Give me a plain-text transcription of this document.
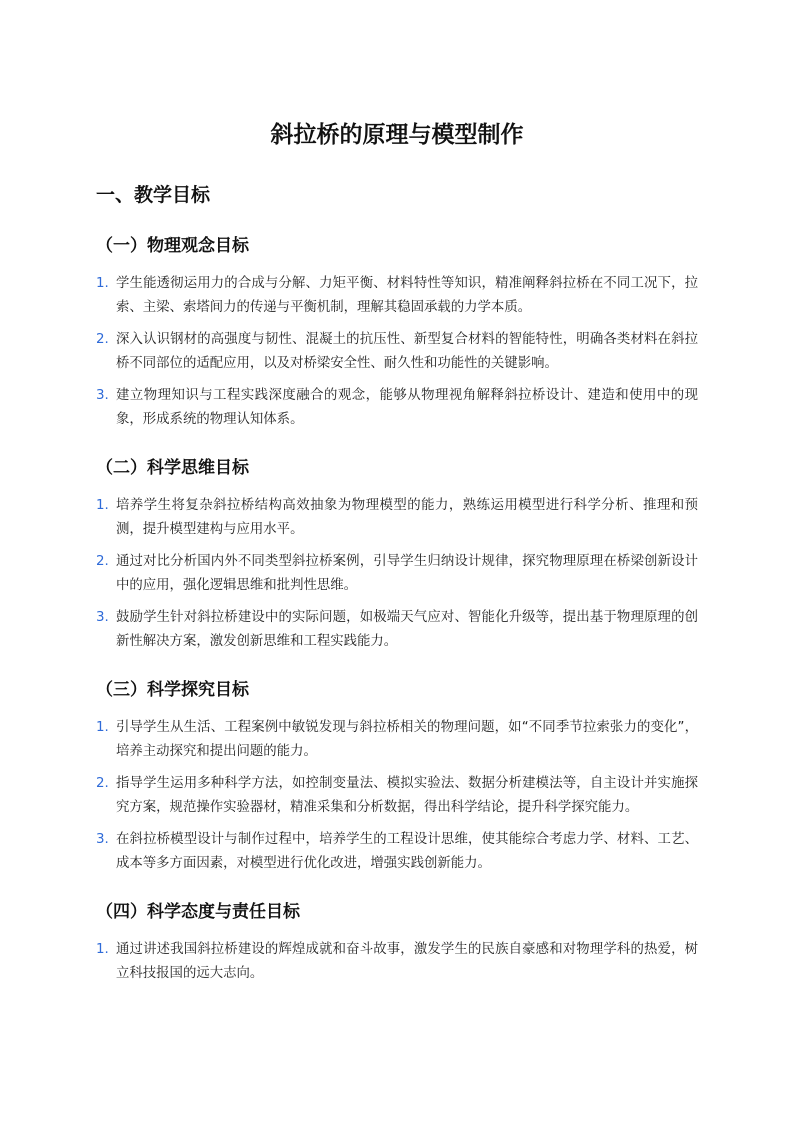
斜拉桥的原理与模型制作
一、教学目标
（一）物理观念目标
1. 学生能透彻运用力的合成与分解、力矩平衡、材料特性等知识，精准阐释斜拉桥在不同工况下，拉索、主梁、索塔间力的传递与平衡机制，理解其稳固承载的力学本质。
2. 深入认识钢材的高强度与韧性、混凝土的抗压性、新型复合材料的智能特性，明确各类材料在斜拉桥不同部位的适配应用，以及对桥梁安全性、耐久性和功能性的关键影响。
3. 建立物理知识与工程实践深度融合的观念，能够从物理视角解释斜拉桥设计、建造和使用中的现象，形成系统的物理认知体系。
（二）科学思维目标
1. 培养学生将复杂斜拉桥结构高效抽象为物理模型的能力，熟练运用模型进行科学分析、推理和预测，提升模型建构与应用水平。
2. 通过对比分析国内外不同类型斜拉桥案例，引导学生归纳设计规律，探究物理原理在桥梁创新设计中的应用，强化逻辑思维和批判性思维。
3. 鼓励学生针对斜拉桥建设中的实际问题，如极端天气应对、智能化升级等，提出基于物理原理的创新性解决方案，激发创新思维和工程实践能力。
（三）科学探究目标
1. 引导学生从生活、工程案例中敏锐发现与斜拉桥相关的物理问题，如“不同季节拉索张力的变化”，培养主动探究和提出问题的能力。
2. 指导学生运用多种科学方法，如控制变量法、模拟实验法、数据分析建模法等，自主设计并实施探究方案，规范操作实验器材，精准采集和分析数据，得出科学结论，提升科学探究能力。
3. 在斜拉桥模型设计与制作过程中，培养学生的工程设计思维，使其能综合考虑力学、材料、工艺、成本等多方面因素，对模型进行优化改进，增强实践创新能力。
（四）科学态度与责任目标
1. 通过讲述我国斜拉桥建设的辉煌成就和奋斗故事，激发学生的民族自豪感和对物理学科的热爱，树立科技报国的远大志向。
